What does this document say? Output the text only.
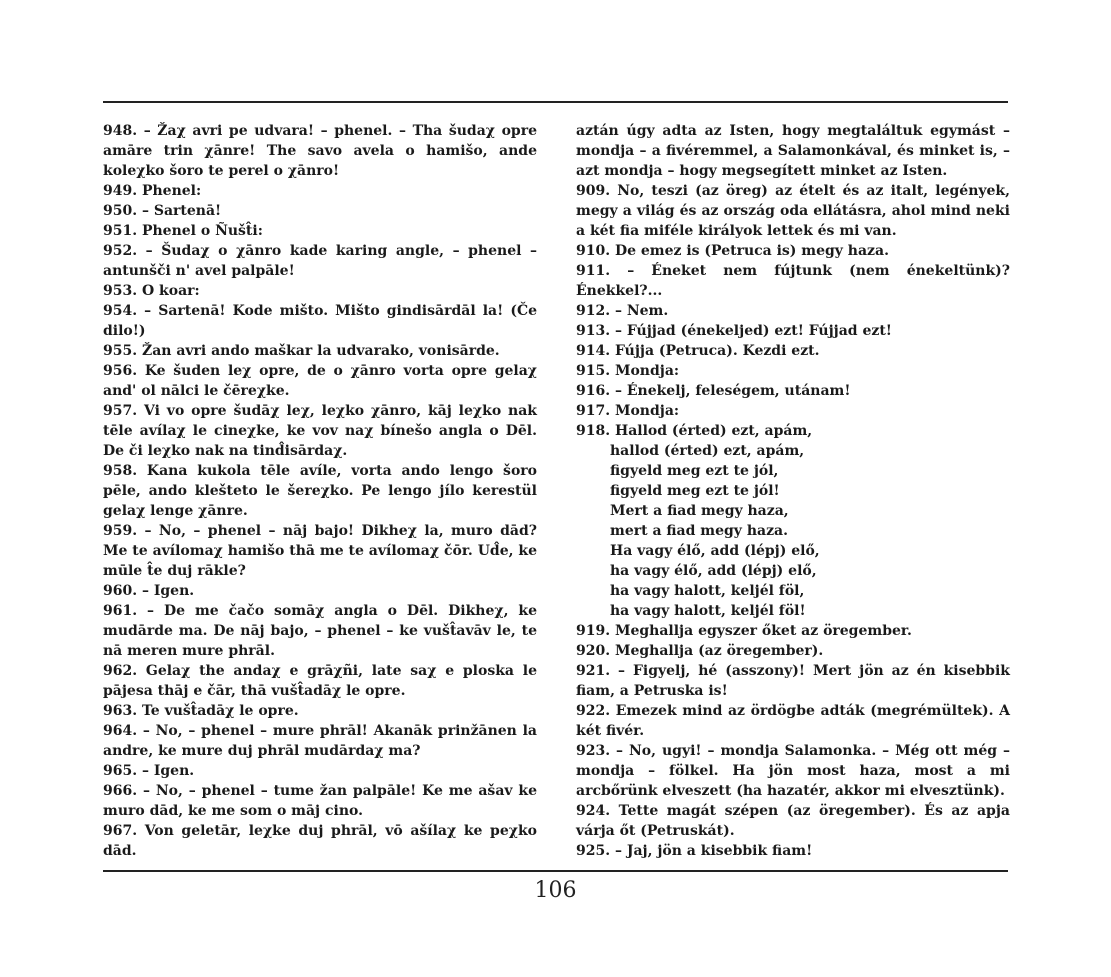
948. – Žaχ avri pe udvara! – phenel. – Tha šudaχ opre amāre trin χānre! The savo avela o hamišo, ande koleχko šoro te perel o χānro!

949. Phenel:

950. – Sartenā!

951. Phenel o Ñušt̂i:

952. – Šudaχ o χānro kade karing angle, – phenel – antunšči n' avel palpāle!

953. O koar:

954. – Sartenā! Kode mišto. Mišto gindisārdāl la! (Če dilo!)

955. Žan avri ando maškar la udvarako, vonisārde.

956. Ke šuden leχ opre, de o χānro vorta opre gelaχ and' ol nālci le čēreχke.

957. Vi vo opre šudāχ leχ, leχko χānro, kāj leχko nak tēle avílaχ le cineχke, ke vov naχ bínešo angla o Dēl. De či leχko nak na tind̂isārdaχ.

958. Kana kukola tēle avíle, vorta ando lengo šoro pēle, ando klešteto le šereχko. Pe lengo jílo kerestül gelaχ lenge χānre.

959. – No, – phenel – nāj bajo! Dikheχ la, muro dād? Me te avílomaχ hamišo thā me te avílomaχ čōr. Ud̂e, ke mūle t̂e duj rākle?

960. – Igen.

961. – De me čačo somāχ angla o Dēl. Dikheχ, ke mudārde ma. De nāj bajo, – phenel – ke vušt̂avāv le, te nā meren mure phrāl.

962. Gelaχ the andaχ e grāχñi, late saχ e ploska le pājesa thāj e čār, thā vušt̂adāχ le opre.

963. Te vušt̂adāχ le opre.

964. – No, – phenel – mure phrāl! Akanāk prinžānen la andre, ke mure duj phrāl mudārdaχ ma?

965. – Igen.

966. – No, – phenel – tume žan palpāle! Ke me ašav ke muro dād, ke me som o māj cino.

967. Von geletār, leχke duj phrāl, vō ašílaχ ke peχko dād.

aztán úgy adta az Isten, hogy megtaláltuk egymást – mondja – a fivéremmel, a Salamonkával, és minket is, – azt mondja – hogy megsegített minket az Isten.

909. No, teszi (az öreg) az ételt és az italt, legények, megy a világ és az ország oda ellátásra, ahol mind neki a két fia miféle királyok lettek és mi van.

910. De emez is (Petruca is) megy haza.

911. – Éneket nem fújtunk (nem énekeltünk)? Énekkel?...

912. – Nem.

913. – Fújjad (énekeljed) ezt! Fújjad ezt!

914. Fújja (Petruca). Kezdi ezt.

915. Mondja:

916. – Énekelj, feleségem, utánam!

917. Mondja:

918. Hallod (érted) ezt, apám,

hallod (érted) ezt, apám,

figyeld meg ezt te jól,

figyeld meg ezt te jól!

Mert a fiad megy haza,

mert a fiad megy haza.

Ha vagy élő, add (lépj) elő,

ha vagy élő, add (lépj) elő,

ha vagy halott, keljél föl,

ha vagy halott, keljél föl!

919. Meghallja egyszer őket az öregember.

920. Meghallja (az öregember).

921. – Figyelj, hé (asszony)! Mert jön az én kisebbik fiam, a Petruska is!

922. Emezek mind az ördögbe adták (megrémültek). A két fivér.

923. – No, ugyi! – mondja Salamonka. – Még ott még – mondja – fölkel. Ha jön most haza, most a mi arcbőrünk elveszett (ha hazatér, akkor mi elvesztünk).

924. Tette magát szépen (az öregember). És az apja várja őt (Petruskát).

925. – Jaj, jön a kisebbik fiam!

106
